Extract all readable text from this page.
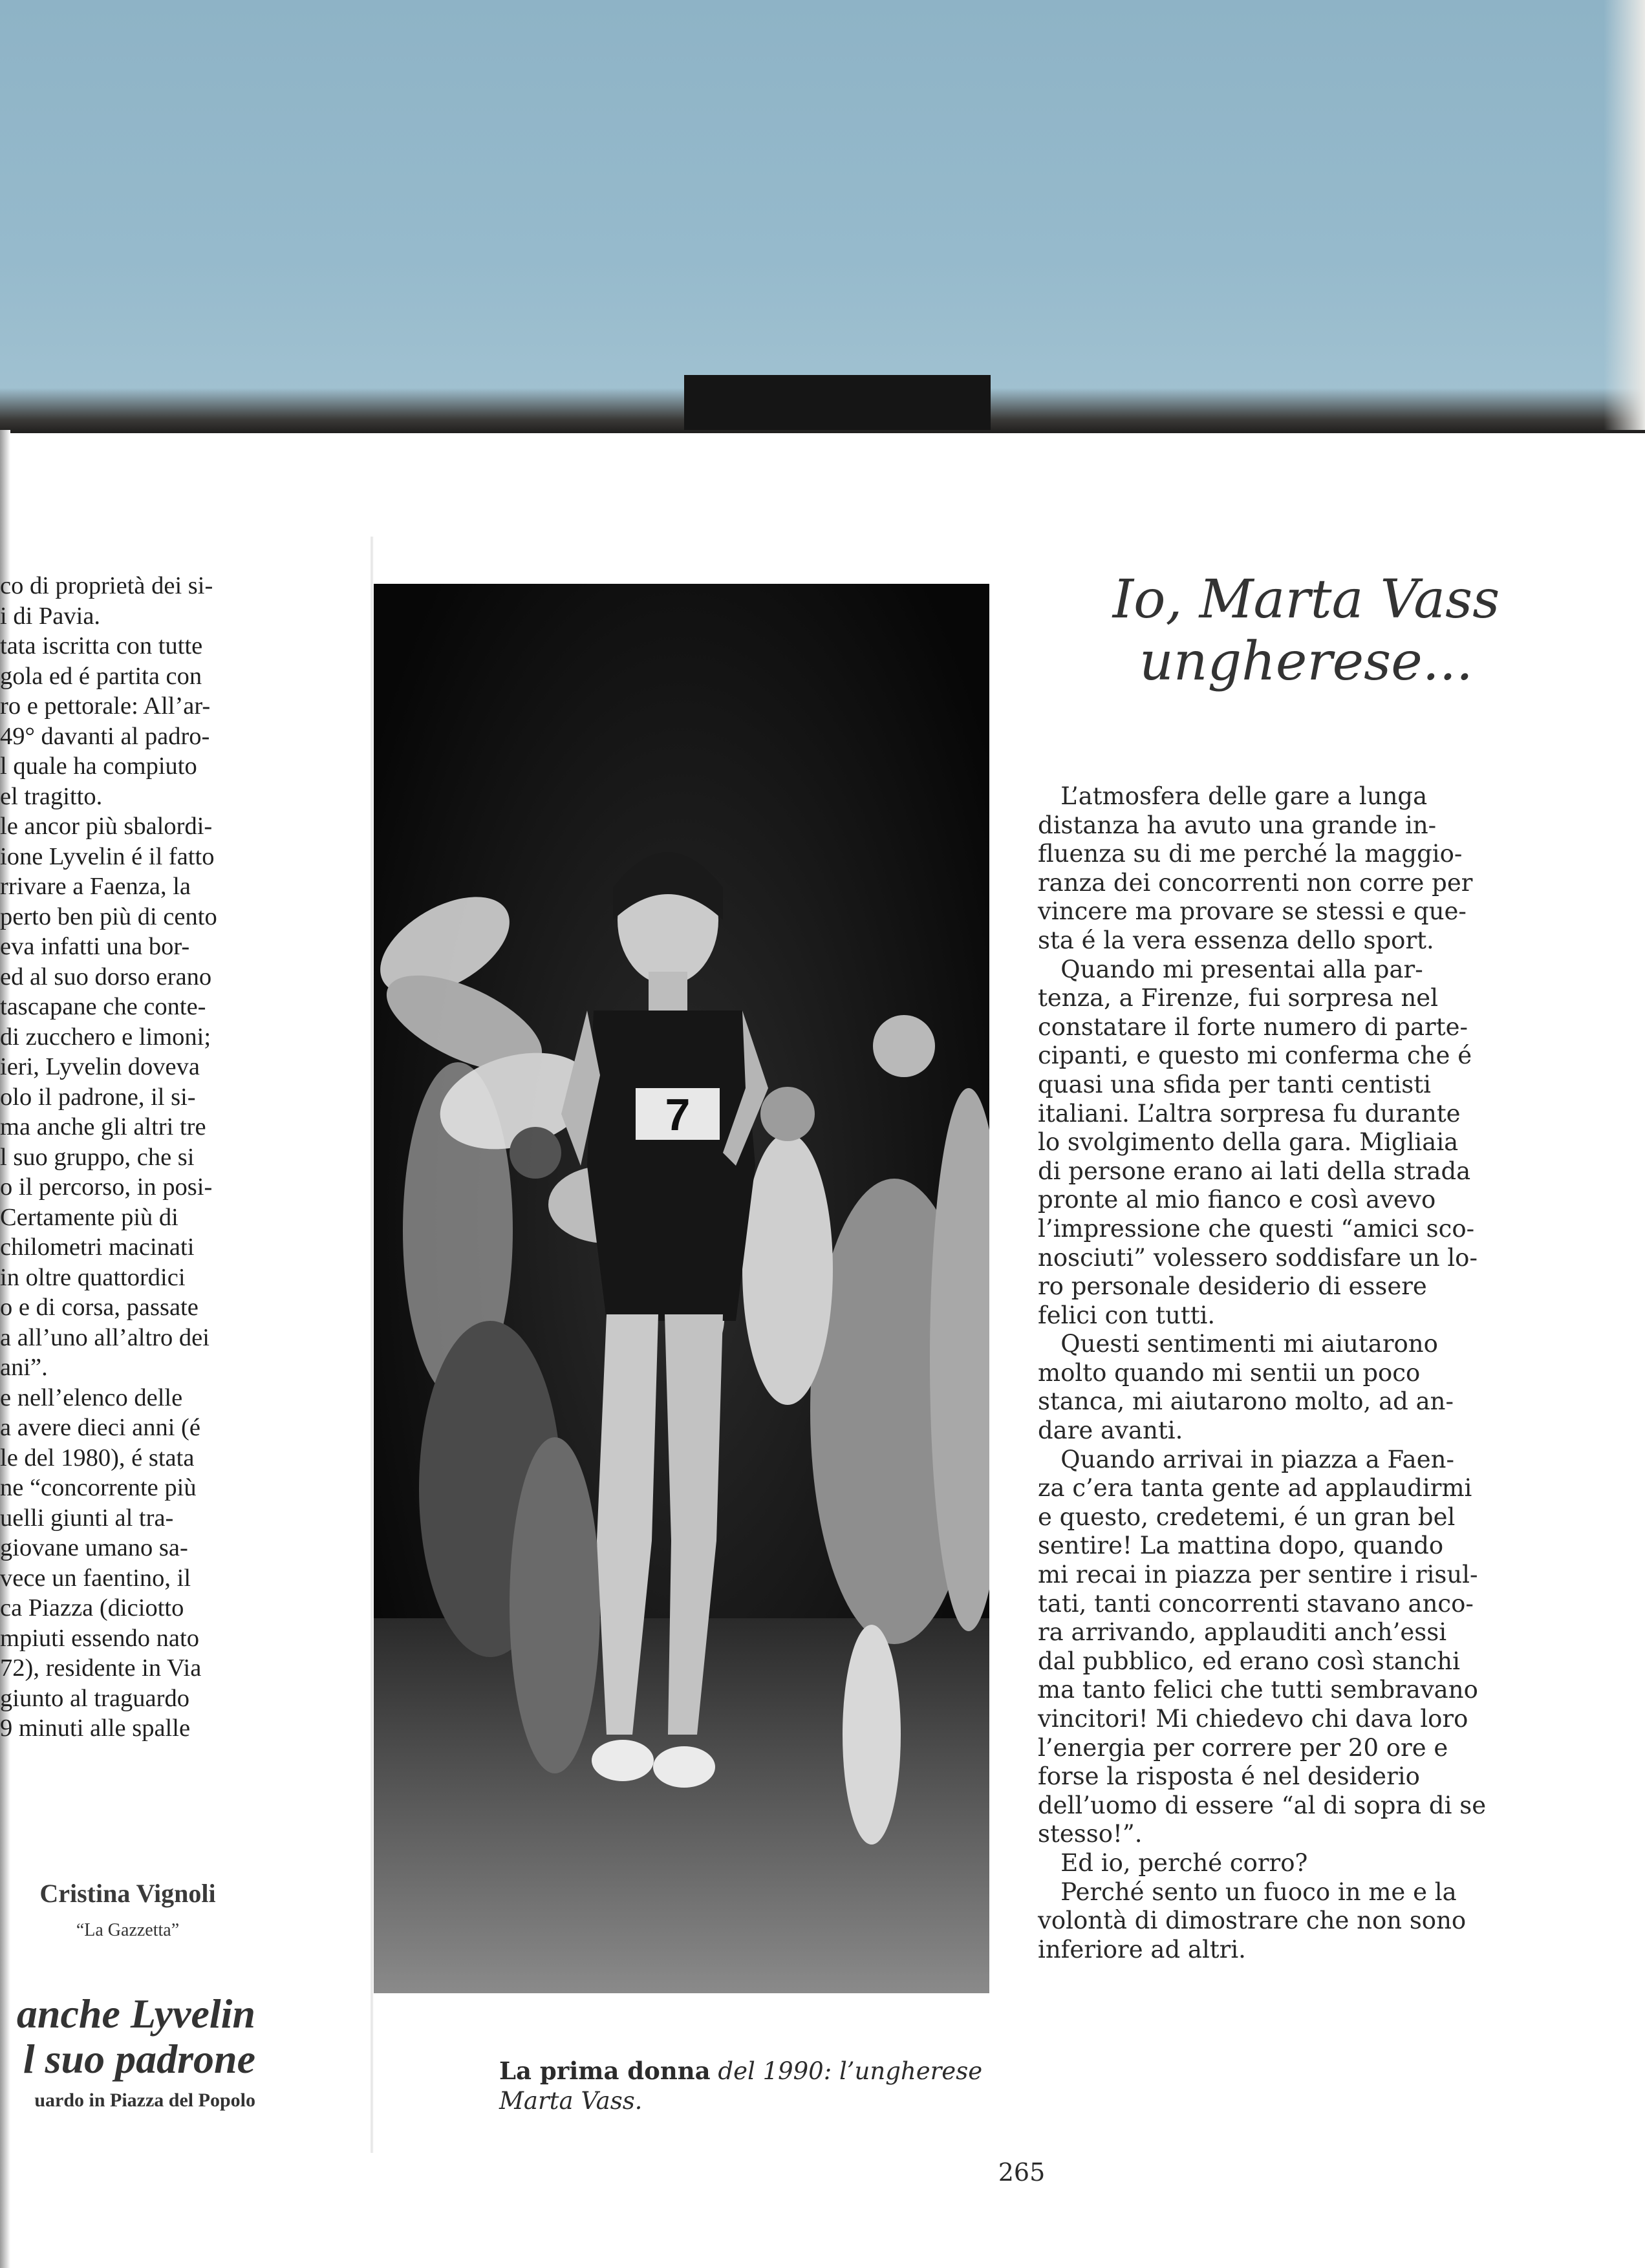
co di proprietà dei si-
i di Pavia.
tata iscritta con tutte
gola ed é partita con
ro e pettorale: All’ar-
49° davanti al padro-
l quale ha compiuto
el tragitto.
le ancor più sbalordi-
ione Lyvelin é il fatto
rrivare a Faenza, la
perto ben più di cento
eva infatti una bor-
ed al suo dorso erano
tascapane che conte-
di zucchero e limoni;
ieri, Lyvelin doveva
olo il padrone, il si-
ma anche gli altri tre
l suo gruppo, che si
o il percorso, in posi-
Certamente più di
chilometri macinati
in oltre quattordici
o e di corsa, passate
a all’uno all’altro dei
ani”.
e nell’elenco delle
a avere dieci anni (é
le del 1980), é stata
ne “concorrente più
uelli giunti al tra-
giovane umano sa-
vece un faentino, il
ca Piazza (diciotto
mpiuti essendo nato
72), residente in Via
giunto al traguardo
9 minuti alle spalle
Cristina Vignoli
“La Gazzetta”
anche Lyvelin
l suo padrone
uardo in Piazza del Popolo
7
La prima donna del 1990: l’ungherese
Marta Vass.
Io, Marta Vass
ungherese...
L’atmosfera delle gare a lunga
distanza ha avuto una grande in-
fluenza su di me perché la maggio-
ranza dei concorrenti non corre per
vincere ma provare se stessi e que-
sta é la vera essenza dello sport.
Quando mi presentai alla par-
tenza, a Firenze, fui sorpresa nel
constatare il forte numero di parte-
cipanti, e questo mi conferma che é
quasi una sfida per tanti centisti
italiani. L’altra sorpresa fu durante
lo svolgimento della gara. Migliaia
di persone erano ai lati della strada
pronte al mio fianco e così avevo
l’impressione che questi “amici sco-
nosciuti” volessero soddisfare un lo-
ro personale desiderio di essere
felici con tutti.
Questi sentimenti mi aiutarono
molto quando mi sentii un poco
stanca, mi aiutarono molto, ad an-
dare avanti.
Quando arrivai in piazza a Faen-
za c’era tanta gente ad applaudirmi
e questo, credetemi, é un gran bel
sentire! La mattina dopo, quando
mi recai in piazza per sentire i risul-
tati, tanti concorrenti stavano anco-
ra arrivando, applauditi anch’essi
dal pubblico, ed erano così stanchi
ma tanto felici che tutti sembravano
vincitori! Mi chiedevo chi dava loro
l’energia per correre per 20 ore e
forse la risposta é nel desiderio
dell’uomo di essere “al di sopra di se
stesso!”.
Ed io, perché corro?
Perché sento un fuoco in me e la
volontà di dimostrare che non sono
inferiore ad altri.
265
